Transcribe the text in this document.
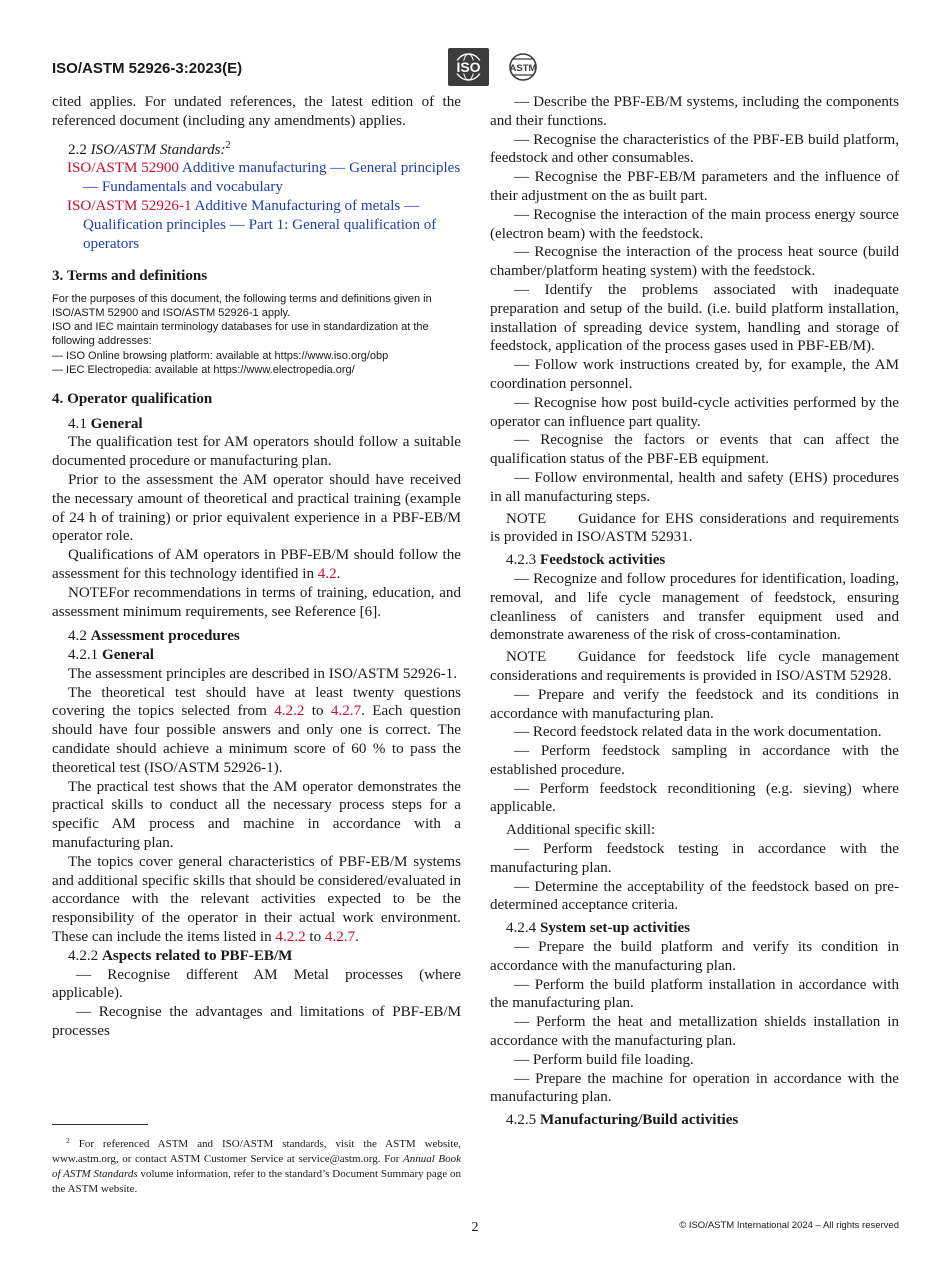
ISO/ASTM 52926-3:2023(E)	ISO	ASTM

cited applies. For undated references, the latest edition of the referenced document (including any amendments) applies.

2.2 ISO/ASTM Standards:$^2$

ISO/ASTM 52900 Additive manufacturing — General principles — Fundamentals and vocabulary

ISO/ASTM 52926-1 Additive Manufacturing of metals — Qualification principles — Part 1: General qualification of operators

3. Terms and definitions

For the purposes of this document, the following terms and definitions given in ISO/ASTM 52900 and ISO/ASTM 52926-1 apply.

ISO and IEC maintain terminology databases for use in standardization at the following addresses:

— ISO Online browsing platform: available at https://www.iso.org/obp

— IEC Electropedia: available at https://www.electropedia.org/

4. Operator qualification

4.1 General

The qualification test for AM operators should follow a suitable documented procedure or manufacturing plan.

Prior to the assessment the AM operator should have received the necessary amount of theoretical and practical training (example of 24 h of training) or prior equivalent experience in a PBF-EB/M operator role.

Qualifications of AM operators in PBF-EB/M should follow the assessment for this technology identified in 4.2.

NOTEFor recommendations in terms of training, education, and assessment minimum requirements, see Reference [6].

4.2 Assessment procedures

4.2.1 General

The assessment principles are described in ISO/ASTM 52926-1.

The theoretical test should have at least twenty questions covering the topics selected from 4.2.2 to 4.2.7. Each question should have four possible answers and only one is correct. The candidate should achieve a minimum score of 60 % to pass the theoretical test (ISO/ASTM 52926-1).

The practical test shows that the AM operator demonstrates the practical skills to conduct all the necessary process steps for a specific AM process and machine in accordance with a manufacturing plan.

The topics cover general characteristics of PBF-EB/M systems and additional specific skills that should be considered/evaluated in accordance with the relevant activities expected to be the responsibility of the operator in their actual work environment. These can include the items listed in 4.2.2 to 4.2.7.

4.2.2 Aspects related to PBF-EB/M

— Recognise different AM Metal processes (where applicable).

— Recognise the advantages and limitations of PBF-EB/M processes

— Describe the PBF-EB/M systems, including the components and their functions.

— Recognise the characteristics of the PBF-EB build platform, feedstock and other consumables.

— Recognise the PBF-EB/M parameters and the influence of their adjustment on the as built part.

— Recognise the interaction of the main process energy source (electron beam) with the feedstock.

— Recognise the interaction of the process heat source (build chamber/platform heating system) with the feedstock.

— Identify the problems associated with inadequate preparation and setup of the build. (i.e. build platform installation, installation of spreading device system, handling and storage of feedstock, application of the process gases used in PBF-EB/M).

— Follow work instructions created by, for example, the AM coordination personnel.

— Recognise how post build-cycle activities performed by the operator can influence part quality.

— Recognise the factors or events that can affect the qualification status of the PBF-EB equipment.

— Follow environmental, health and safety (EHS) procedures in all manufacturing steps.

NOTE Guidance for EHS considerations and requirements is provided in ISO/ASTM 52931.

4.2.3 Feedstock activities

— Recognize and follow procedures for identification, loading, removal, and life cycle management of feedstock, ensuring cleanliness of canisters and transfer equipment used and demonstrate awareness of the risk of cross-contamination.

NOTE Guidance for feedstock life cycle management considerations and requirements is provided in ISO/ASTM 52928.

— Prepare and verify the feedstock and its conditions in accordance with manufacturing plan.

— Record feedstock related data in the work documentation.

— Perform feedstock sampling in accordance with the established procedure.

— Perform feedstock reconditioning (e.g. sieving) where applicable.

Additional specific skill:

— Perform feedstock testing in accordance with the manufacturing plan.

— Determine the acceptability of the feedstock based on pre-determined acceptance criteria.

4.2.4 System set-up activities

— Prepare the build platform and verify its condition in accordance with the manufacturing plan.

— Perform the build platform installation in accordance with the manufacturing plan.

— Perform the heat and metallization shields installation in accordance with the manufacturing plan.

— Perform build file loading.

— Prepare the machine for operation in accordance with the manufacturing plan.

4.2.5 Manufacturing/Build activities

$^2$ For referenced ASTM and ISO/ASTM standards, visit the ASTM website, www.astm.org, or contact ASTM Customer Service at service@astm.org. For Annual Book of ASTM Standards volume information, refer to the standard’s Document Summary page on the ASTM website.
2	© ISO/ASTM International 2024 – All rights reserved
